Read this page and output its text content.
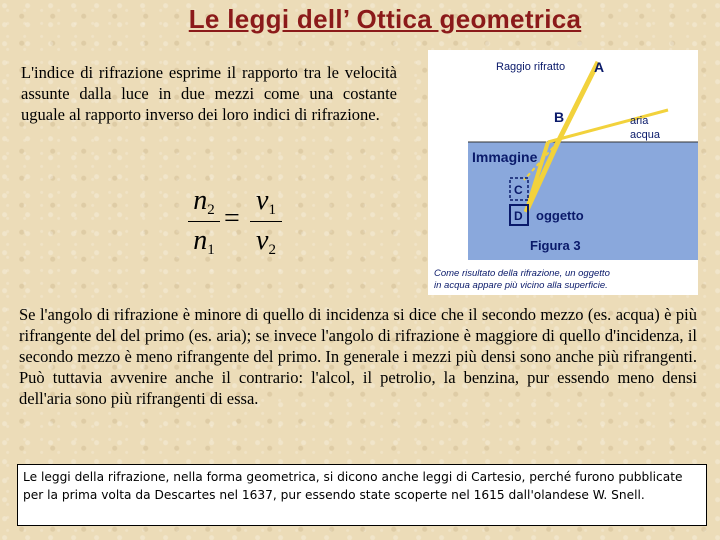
Le leggi dell’ Ottica geometrica
L'indice di rifrazione esprime il rapporto tra le velocità assunte dalla luce in due mezzi come una costante uguale al rapporto inverso dei loro indici di rifrazione.
$n_2$
$n_1$
=
$v_1$
$v_2$
Raggio rifratto A
B	aria
acqua
Immagine
C
D oggetto
Figura 3
Come risultato della rifrazione, un oggetto
in acqua appare più vicino alla superficie.
Se l'angolo di rifrazione è minore di quello di incidenza si dice che il secondo mezzo (es. acqua) è più rifrangente del del primo (es. aria); se invece l'angolo di rifrazione è maggiore di quello d'incidenza, il secondo mezzo è meno rifrangente del primo. In generale i mezzi più densi sono anche più rifrangenti. Può tuttavia avvenire anche il contrario: l'alcol, il petrolio, la benzina, pur essendo meno densi dell'aria sono più rifrangenti di essa.
Le leggi della rifrazione, nella forma geometrica, si dicono anche leggi di Cartesio, perché furono pubblicate per la prima volta da Descartes nel 1637, pur essendo state scoperte nel 1615 dall'olandese W. Snell.
